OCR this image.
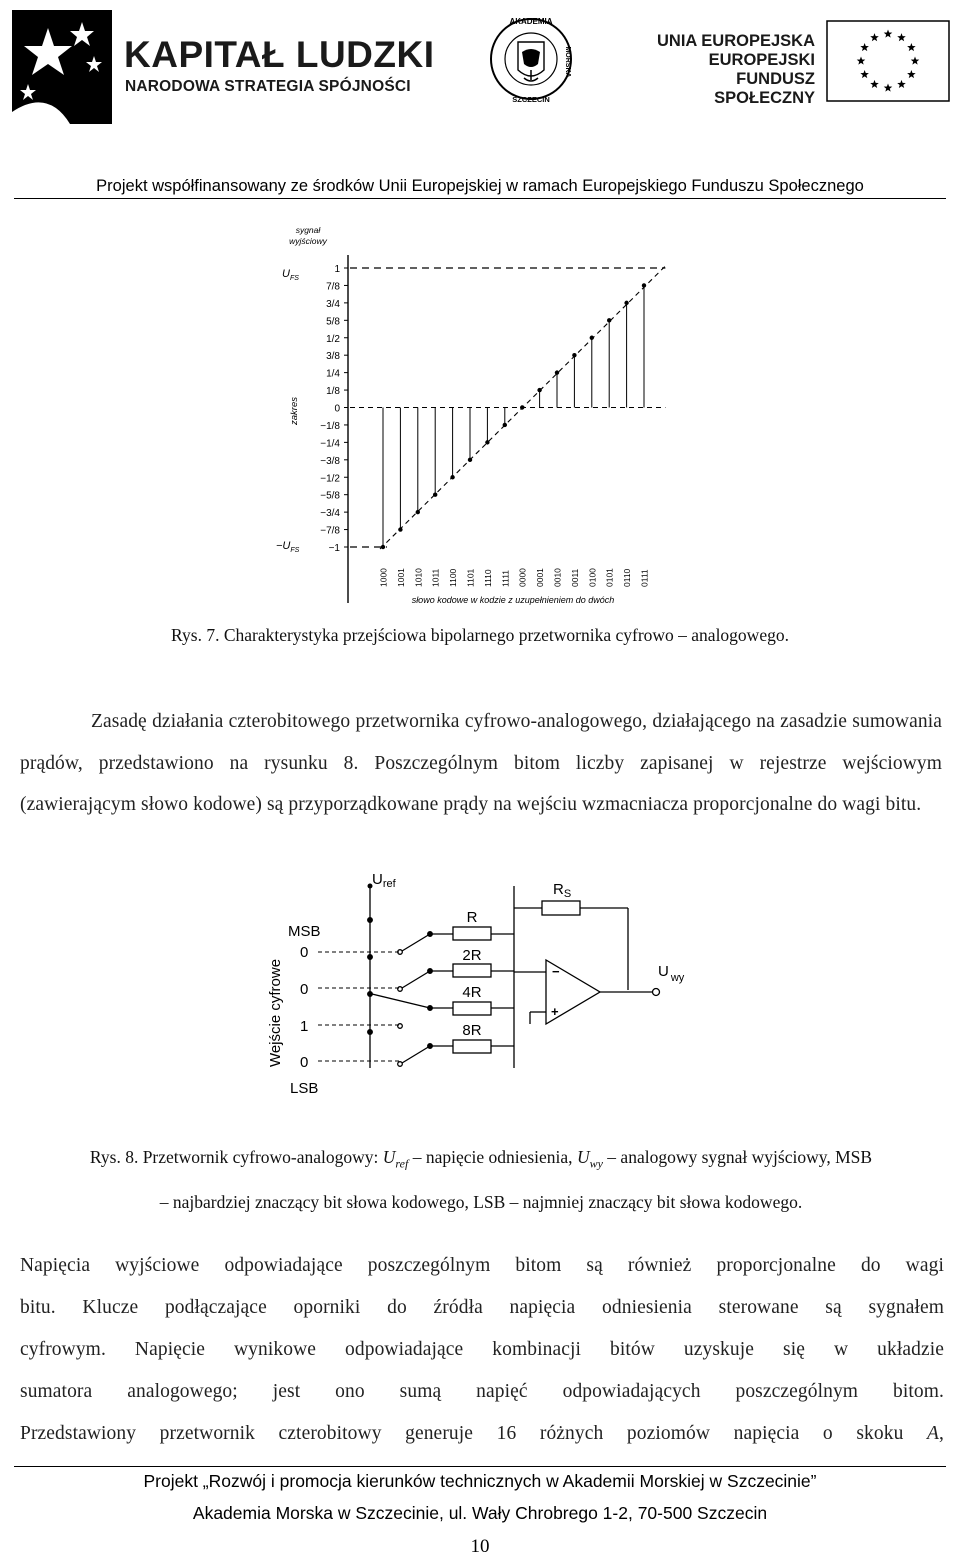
KAPITAŁ LUDZKI
NARODOWA STRATEGIA SPÓJNOŚCI
AKADEMIA
MORSKA
SZCZECIN
UNIA EUROPEJSKA
EUROPEJSKI
FUNDUSZ SPOŁECZNY
Projekt współfinansowany ze środków Unii Europejskiej w ramach Europejskiego Funduszu Społecznego
1
7/8
3/4
5/8
1/2
3/8
1/4
1/8
0
−1/8
−1/4
−3/8
−1/2
−5/8
−3/4
−7/8
−1
1000 1001 1010 1011 1100 1101 1110 1111 0000 0001 0010 0011 0100 0101 0110 0111
sygnał
wyjściowy
$U_{FS}$
$-U_{FS}$
zakres
słowo kodowe w kodzie z uzupełnieniem do dwóch
Rys. 7. Charakterystyka przejściowa bipolarnego przetwornika cyfrowo – analogowego.
Zasadę działania czterobitowego przetwornika cyfrowo-analogowego, działającego na zasadzie sumowania prądów, przedstawiono na rysunku 8. Poszczególnym bitom liczby zapisanej w rejestrze wejściowym (zawierającym słowo kodowe) są przyporządkowane prądy na wejściu wzmacniacza proporcjonalne do wagi bitu.
$U_{ref}$	$R_S$
U $_{wy}$
MSB
LSB
0
0
1
0
Wejście cyfrowe
R
2R
4R
8R
−
+
Rys. 8. Przetwornik cyfrowo-analogowy: $U_{ref}$ – napięcie odniesienia, $U_{wy}$ – analogowy sygnał wyjściowy, MSB
– najbardziej znaczący bit słowa kodowego, LSB – najmniej znaczący bit słowa kodowego.
Napięcia wyjściowe odpowiadające poszczególnym bitom są również proporcjonalne do wagi
bitu. Klucze podłączające oporniki do źródła napięcia odniesienia sterowane są sygnałem
cyfrowym. Napięcie wynikowe odpowiadające kombinacji bitów uzyskuje się w układzie
sumatora analogowego; jest ono sumą napięć odpowiadających poszczególnym bitom.
Przedstawiony przetwornik czterobitowy generuje 16 różnych poziomów napięcia o skoku A,
Projekt „Rozwój i promocja kierunków technicznych w Akademii Morskiej w Szczecinie”
Akademia Morska w Szczecinie, ul. Wały Chrobrego 1-2, 70-500 Szczecin
10
